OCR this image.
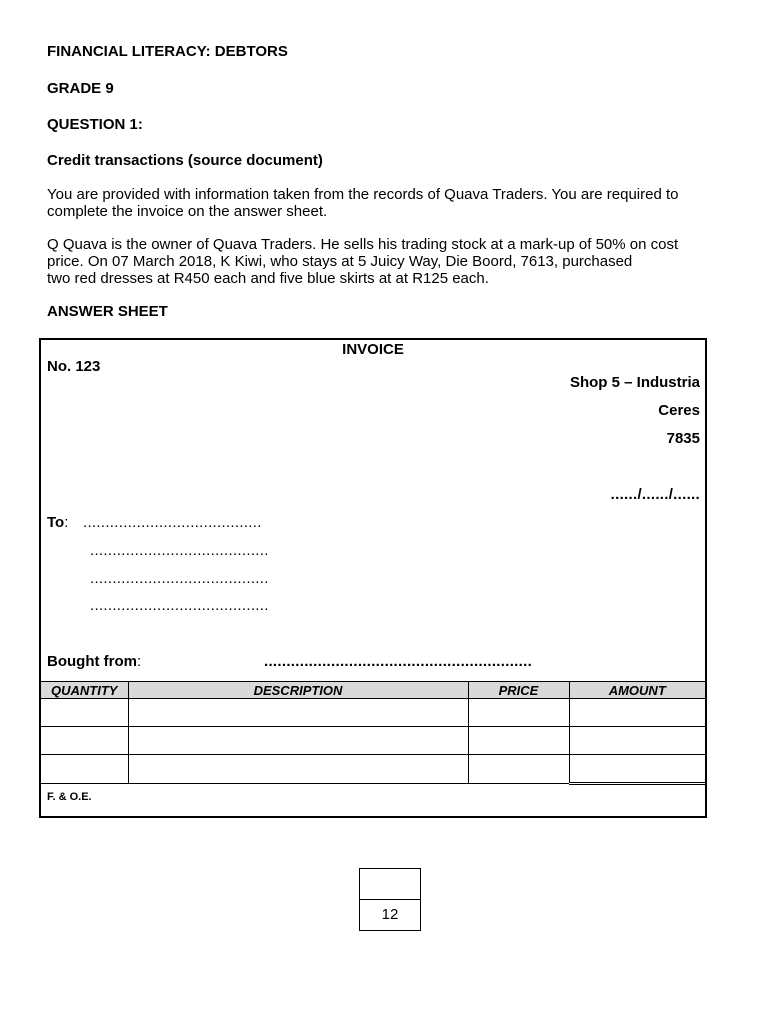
FINANCIAL LITERACY: DEBTORS
GRADE 9
QUESTION 1:
Credit transactions (source document)
You are provided with information taken from the records of Quava Traders. You are required to
complete the invoice on the answer sheet.
Q Quava is the owner of Quava Traders. He sells his trading stock at a mark-up of 50% on cost
price. On 07 March 2018, K Kiwi, who stays at 5 Juicy Way, Die Boord, 7613, purchased
two red dresses at R450 each and five blue skirts at at R125 each.
ANSWER SHEET
INVOICE
No. 123
Shop 5 – Industria
Ceres
7835
....../....../......
To: ........................................
........................................
........................................
........................................
Bought from:	............................................................
QUANTITY	DESCRIPTION	PRICE	AMOUNT

F. & O.E.
12
